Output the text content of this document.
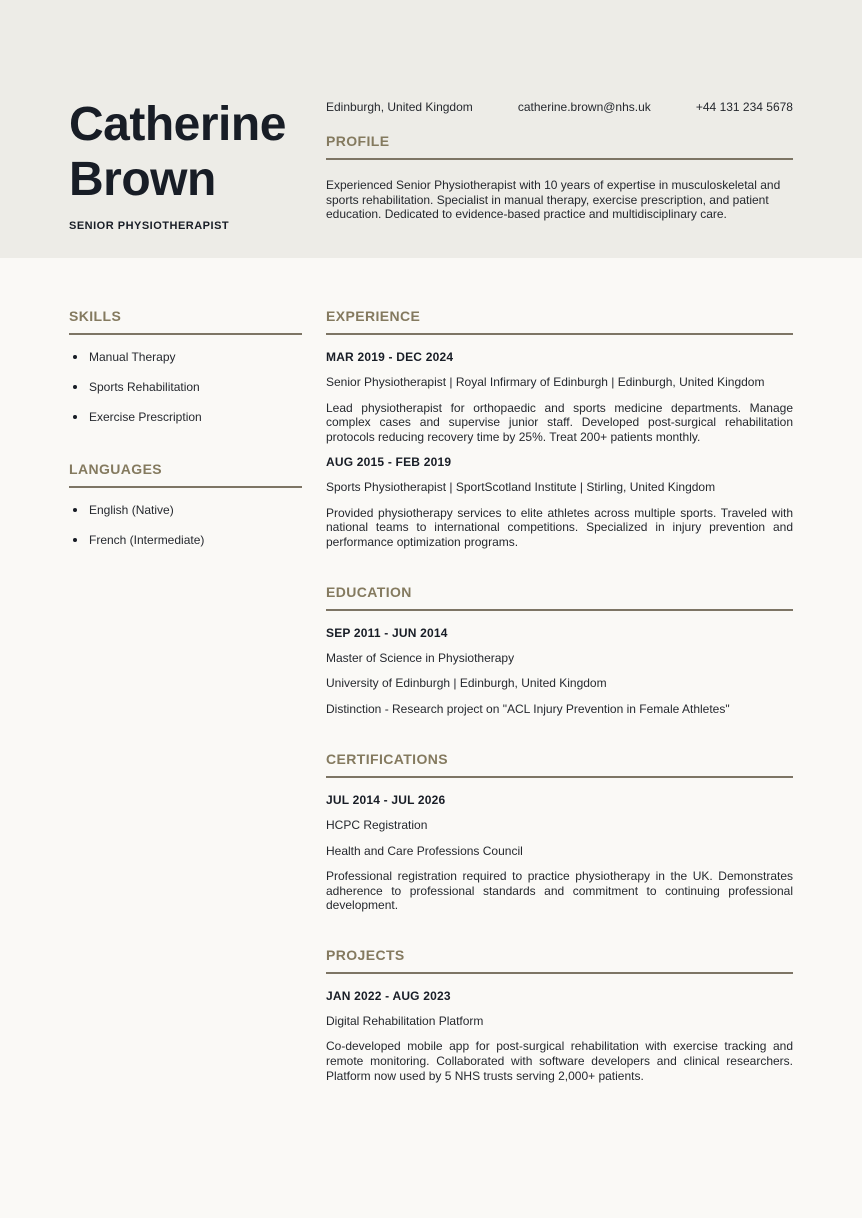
Catherine Brown
SENIOR PHYSIOTHERAPIST
Edinburgh, United Kingdom	catherine.brown@nhs.uk	+44 131 234 5678
PROFILE

Experienced Senior Physiotherapist with 10 years of expertise in musculoskeletal and sports rehabilitation. Specialist in manual therapy, exercise prescription, and patient education. Dedicated to evidence-based practice and multidisciplinary care.

SKILLS
Manual Therapy
Sports Rehabilitation
Exercise Prescription
LANGUAGES
English (Native)
French (Intermediate)
EXPERIENCE
MAR 2019 - DEC 2024
Senior Physiotherapist | Royal Infirmary of Edinburgh | Edinburgh, United Kingdom

Lead physiotherapist for orthopaedic and sports medicine departments. Manage complex cases and supervise junior staff. Developed post-surgical rehabilitation protocols reducing recovery time by 25%. Treat 200+ patients monthly.

AUG 2015 - FEB 2019
Sports Physiotherapist | SportScotland Institute | Stirling, United Kingdom

Provided physiotherapy services to elite athletes across multiple sports. Traveled with national teams to international competitions. Specialized in injury prevention and performance optimization programs.

EDUCATION
SEP 2011 - JUN 2014
Master of Science in Physiotherapy
University of Edinburgh | Edinburgh, United Kingdom
Distinction - Research project on "ACL Injury Prevention in Female Athletes"
CERTIFICATIONS
JUL 2014 - JUL 2026
HCPC Registration
Health and Care Professions Council

Professional registration required to practice physiotherapy in the UK. Demonstrates adherence to professional standards and commitment to continuing professional development.

PROJECTS
JAN 2022 - AUG 2023
Digital Rehabilitation Platform

Co-developed mobile app for post-surgical rehabilitation with exercise tracking and remote monitoring. Collaborated with software developers and clinical researchers. Platform now used by 5 NHS trusts serving 2,000+ patients.
